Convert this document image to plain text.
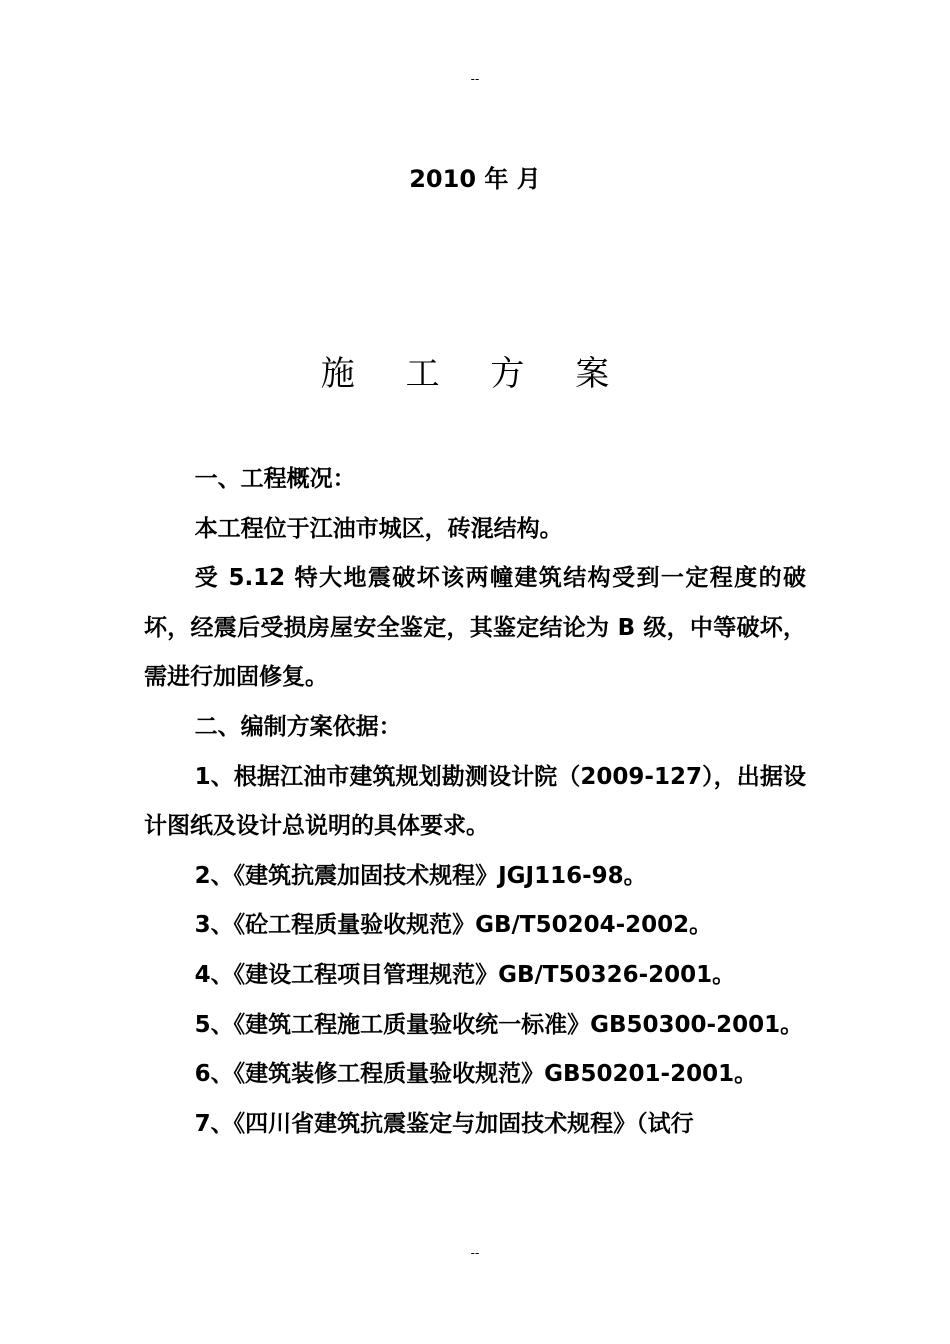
--
2010 年 月
施 工 方 案

一、工程概况：

本工程位于江油市城区，砖混结构。

受 5.12 特大地震破坏该两幢建筑结构受到一定程度的破坏，经震后受损房屋安全鉴定，其鉴定结论为 B 级，中等破坏，需进行加固修复。

二、编制方案依据：

1、根据江油市建筑规划勘测设计院（2009-127），出据设计图纸及设计总说明的具体要求。

2、《建筑抗震加固技术规程》JGJ116-98。

3、《砼工程质量验收规范》GB/T50204-2002。

4、《建设工程项目管理规范》GB/T50326-2001。

5、《建筑工程施工质量验收统一标准》GB50300-2001。

6、《建筑装修工程质量验收规范》GB50201-2001。

7、《四川省建筑抗震鉴定与加固技术规程》（试行

--
